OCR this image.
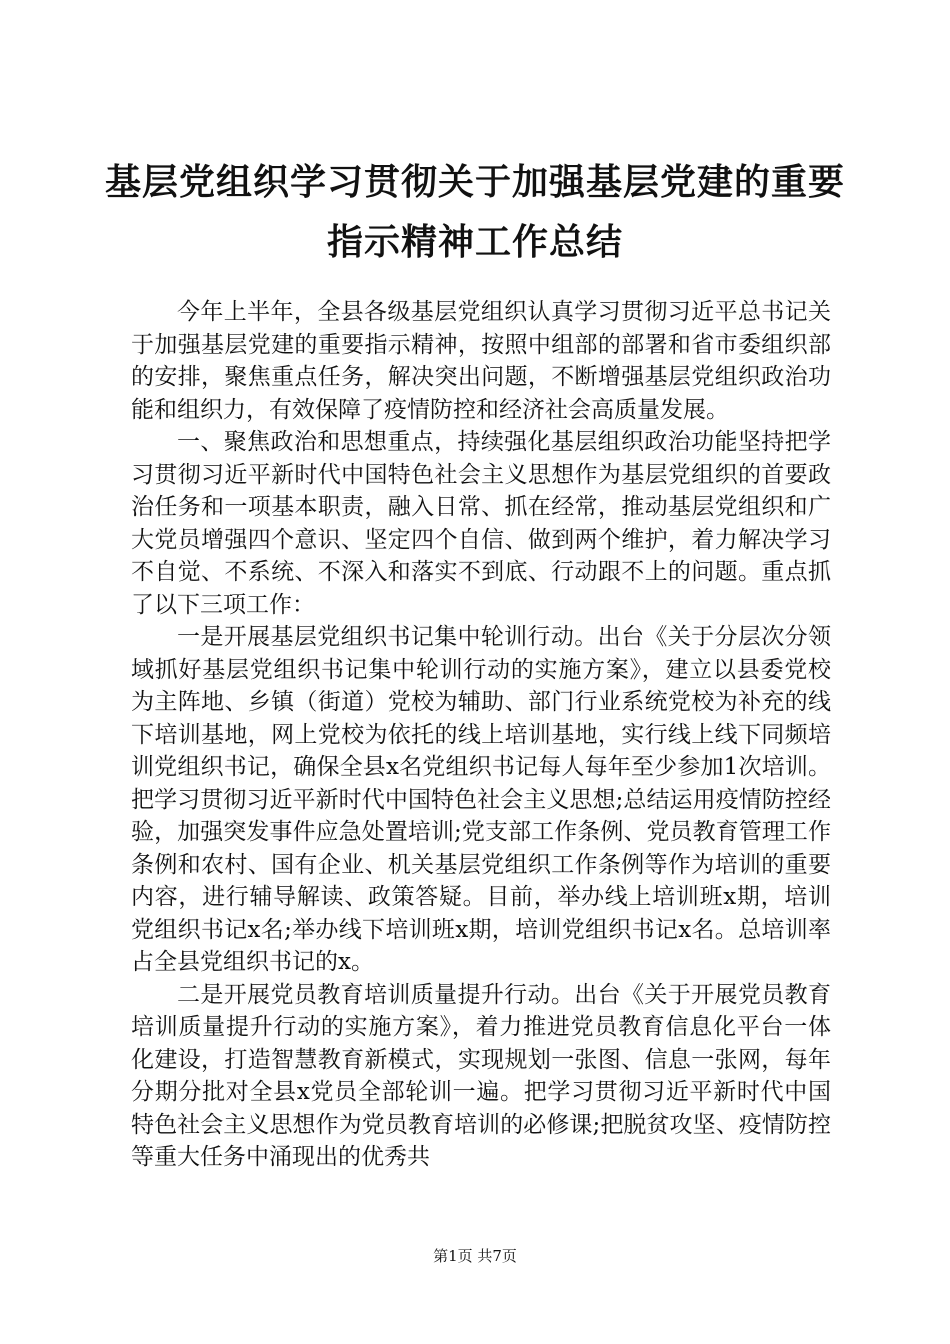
基层党组织学习贯彻关于加强基层党建的重要
指示精神工作总结

今年上半年，全县各级基层党组织认真学习贯彻习近平总书记关于加强基层党建的重要指示精神，按照中组部的部署和省市委组织部的安排，聚焦重点任务，解决突出问题，不断增强基层党组织政治功能和组织力，有效保障了疫情防控和经济社会高质量发展。

一、聚焦政治和思想重点，持续强化基层组织政治功能坚持把学习贯彻习近平新时代中国特色社会主义思想作为基层党组织的首要政治任务和一项基本职责，融入日常、抓在经常，推动基层党组织和广大党员增强四个意识、坚定四个自信、做到两个维护，着力解决学习不自觉、不系统、不深入和落实不到底、行动跟不上的问题。重点抓了以下三项工作：

一是开展基层党组织书记集中轮训行动。出台《关于分层次分领域抓好基层党组织书记集中轮训行动的实施方案》，建立以县委党校为主阵地、乡镇（街道）党校为辅助、部门行业系统党校为补充的线下培训基地，网上党校为依托的线上培训基地，实行线上线下同频培训党组织书记，确保全县x名党组织书记每人每年至少参加1次培训。把学习贯彻习近平新时代中国特色社会主义思想;总结运用疫情防控经验，加强突发事件应急处置培训;党支部工作条例、党员教育管理工作条例和农村、国有企业、机关基层党组织工作条例等作为培训的重要内容，进行辅导解读、政策答疑。目前，举办线上培训班x期，培训党组织书记x名;举办线下培训班x期，培训党组织书记x名。总培训率占全县党组织书记的x。

二是开展党员教育培训质量提升行动。出台《关于开展党员教育培训质量提升行动的实施方案》，着力推进党员教育信息化平台一体化建设，打造智慧教育新模式，实现规划一张图、信息一张网，每年分期分批对全县x党员全部轮训一遍。把学习贯彻习近平新时代中国特色社会主义思想作为党员教育培训的必修课;把脱贫攻坚、疫情防控等重大任务中涌现出的优秀共

第1页 共7页
